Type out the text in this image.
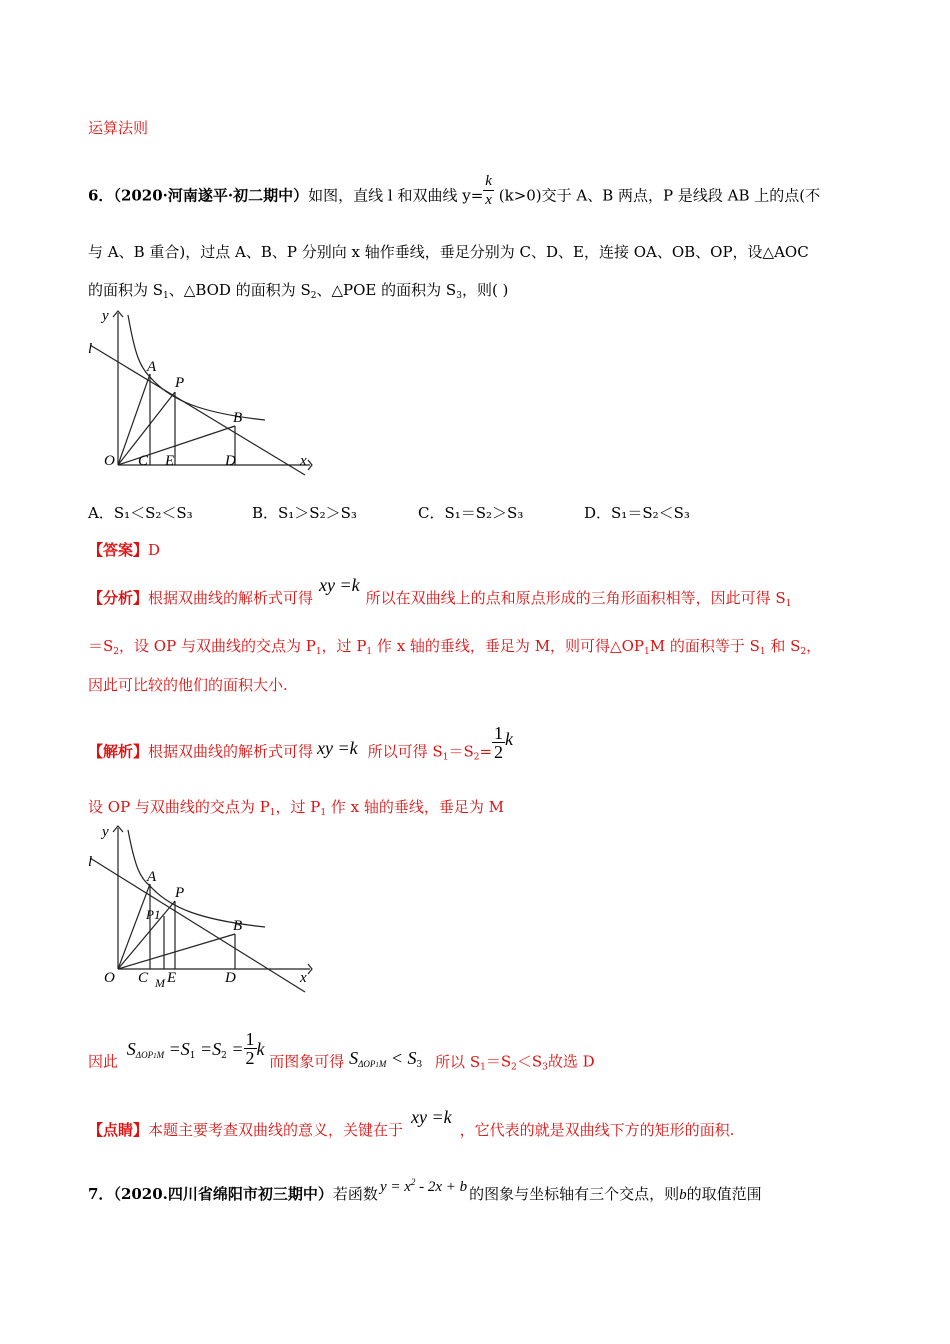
运算法则
6．（2020·河南遂平·初二期中）如图，直线 l 和双曲线 $y= \frac{k}{x} (k>0)$交于 A、B 两点，P 是线段 AB 上的点(不
与 A、B 重合)，过点 A、B、P 分别向 x 轴作垂线，垂足分别为 C、D、E，连接 OA、OB、OP，设△AOC
的面积为 $S_1$、△BOD 的面积为 $S_2$、△POE 的面积为 $S_3$，则( )
y
l
A
P
B
O C E	D	x
A．S₁＜S₂＜S₃	B．S₁＞S₂＞S₃	C．S₁＝S₂＞S₃	D．S₁＝S₂＜S₃
【答案】D
【分析】根据双曲线的解析式可得xy =k所以在双曲线上的点和原点形成的三角形面积相等，因此可得 $S_1$
$=S_2$，设 OP 与双曲线的交点为 $P_1$，过 $P_1$ 作 x 轴的垂线，垂足为 M，则可得$\triangle OP_1M$ 的面积等于 $S_1$ 和 $S_2$，
因此可比较的他们的面积大小.
【解析】根据双曲线的解析式可得 xy =k 所以可得 $S_1=S_2= \frac{1}{2}$ k
设 OP 与双曲线的交点为 $P_1$，过 $P_1$ 作 x 轴的垂线，垂足为 M
y
l
A
P
P1
B
O C M E	D	x
因此 $S_{\Delta OP1M} =S_1 =S_2 = \frac{1}{2}$ k 而图象可得 $S_{\Delta OP1M} < S_3$ 所以 $S_1=S_2<S_3$故选 D
【点睛】本题主要考查双曲线的意义，关键在于xy =k，它代表的就是双曲线下方的矩形的面积.
7．（2020.四川省绵阳市初三期中）若函数 $y = x^2 - 2x + b$ 的图象与坐标轴有三个交点，则b的取值范围
